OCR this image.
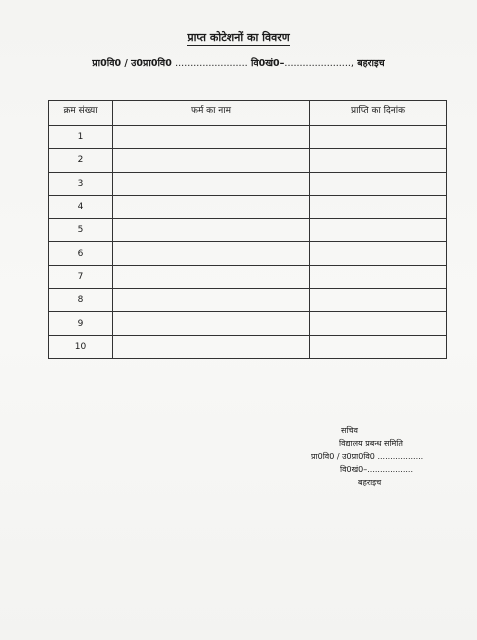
प्राप्त कोटेशनों का विवरण
प्रा0वि0 / उ0प्रा0वि0 ........................ वि0खं0–......................, बहराइच
क्रम संख्या	फर्म का नाम	प्राप्ति का दिनांक
1		
2		
3		
4		
5		
6		
7		
8		
9		
10		
सचिव
विद्यालय प्रबन्ध समिति
प्रा0वि0 / उ0प्रा0वि0 ..................
वि0खं0–..................
बहराइच
